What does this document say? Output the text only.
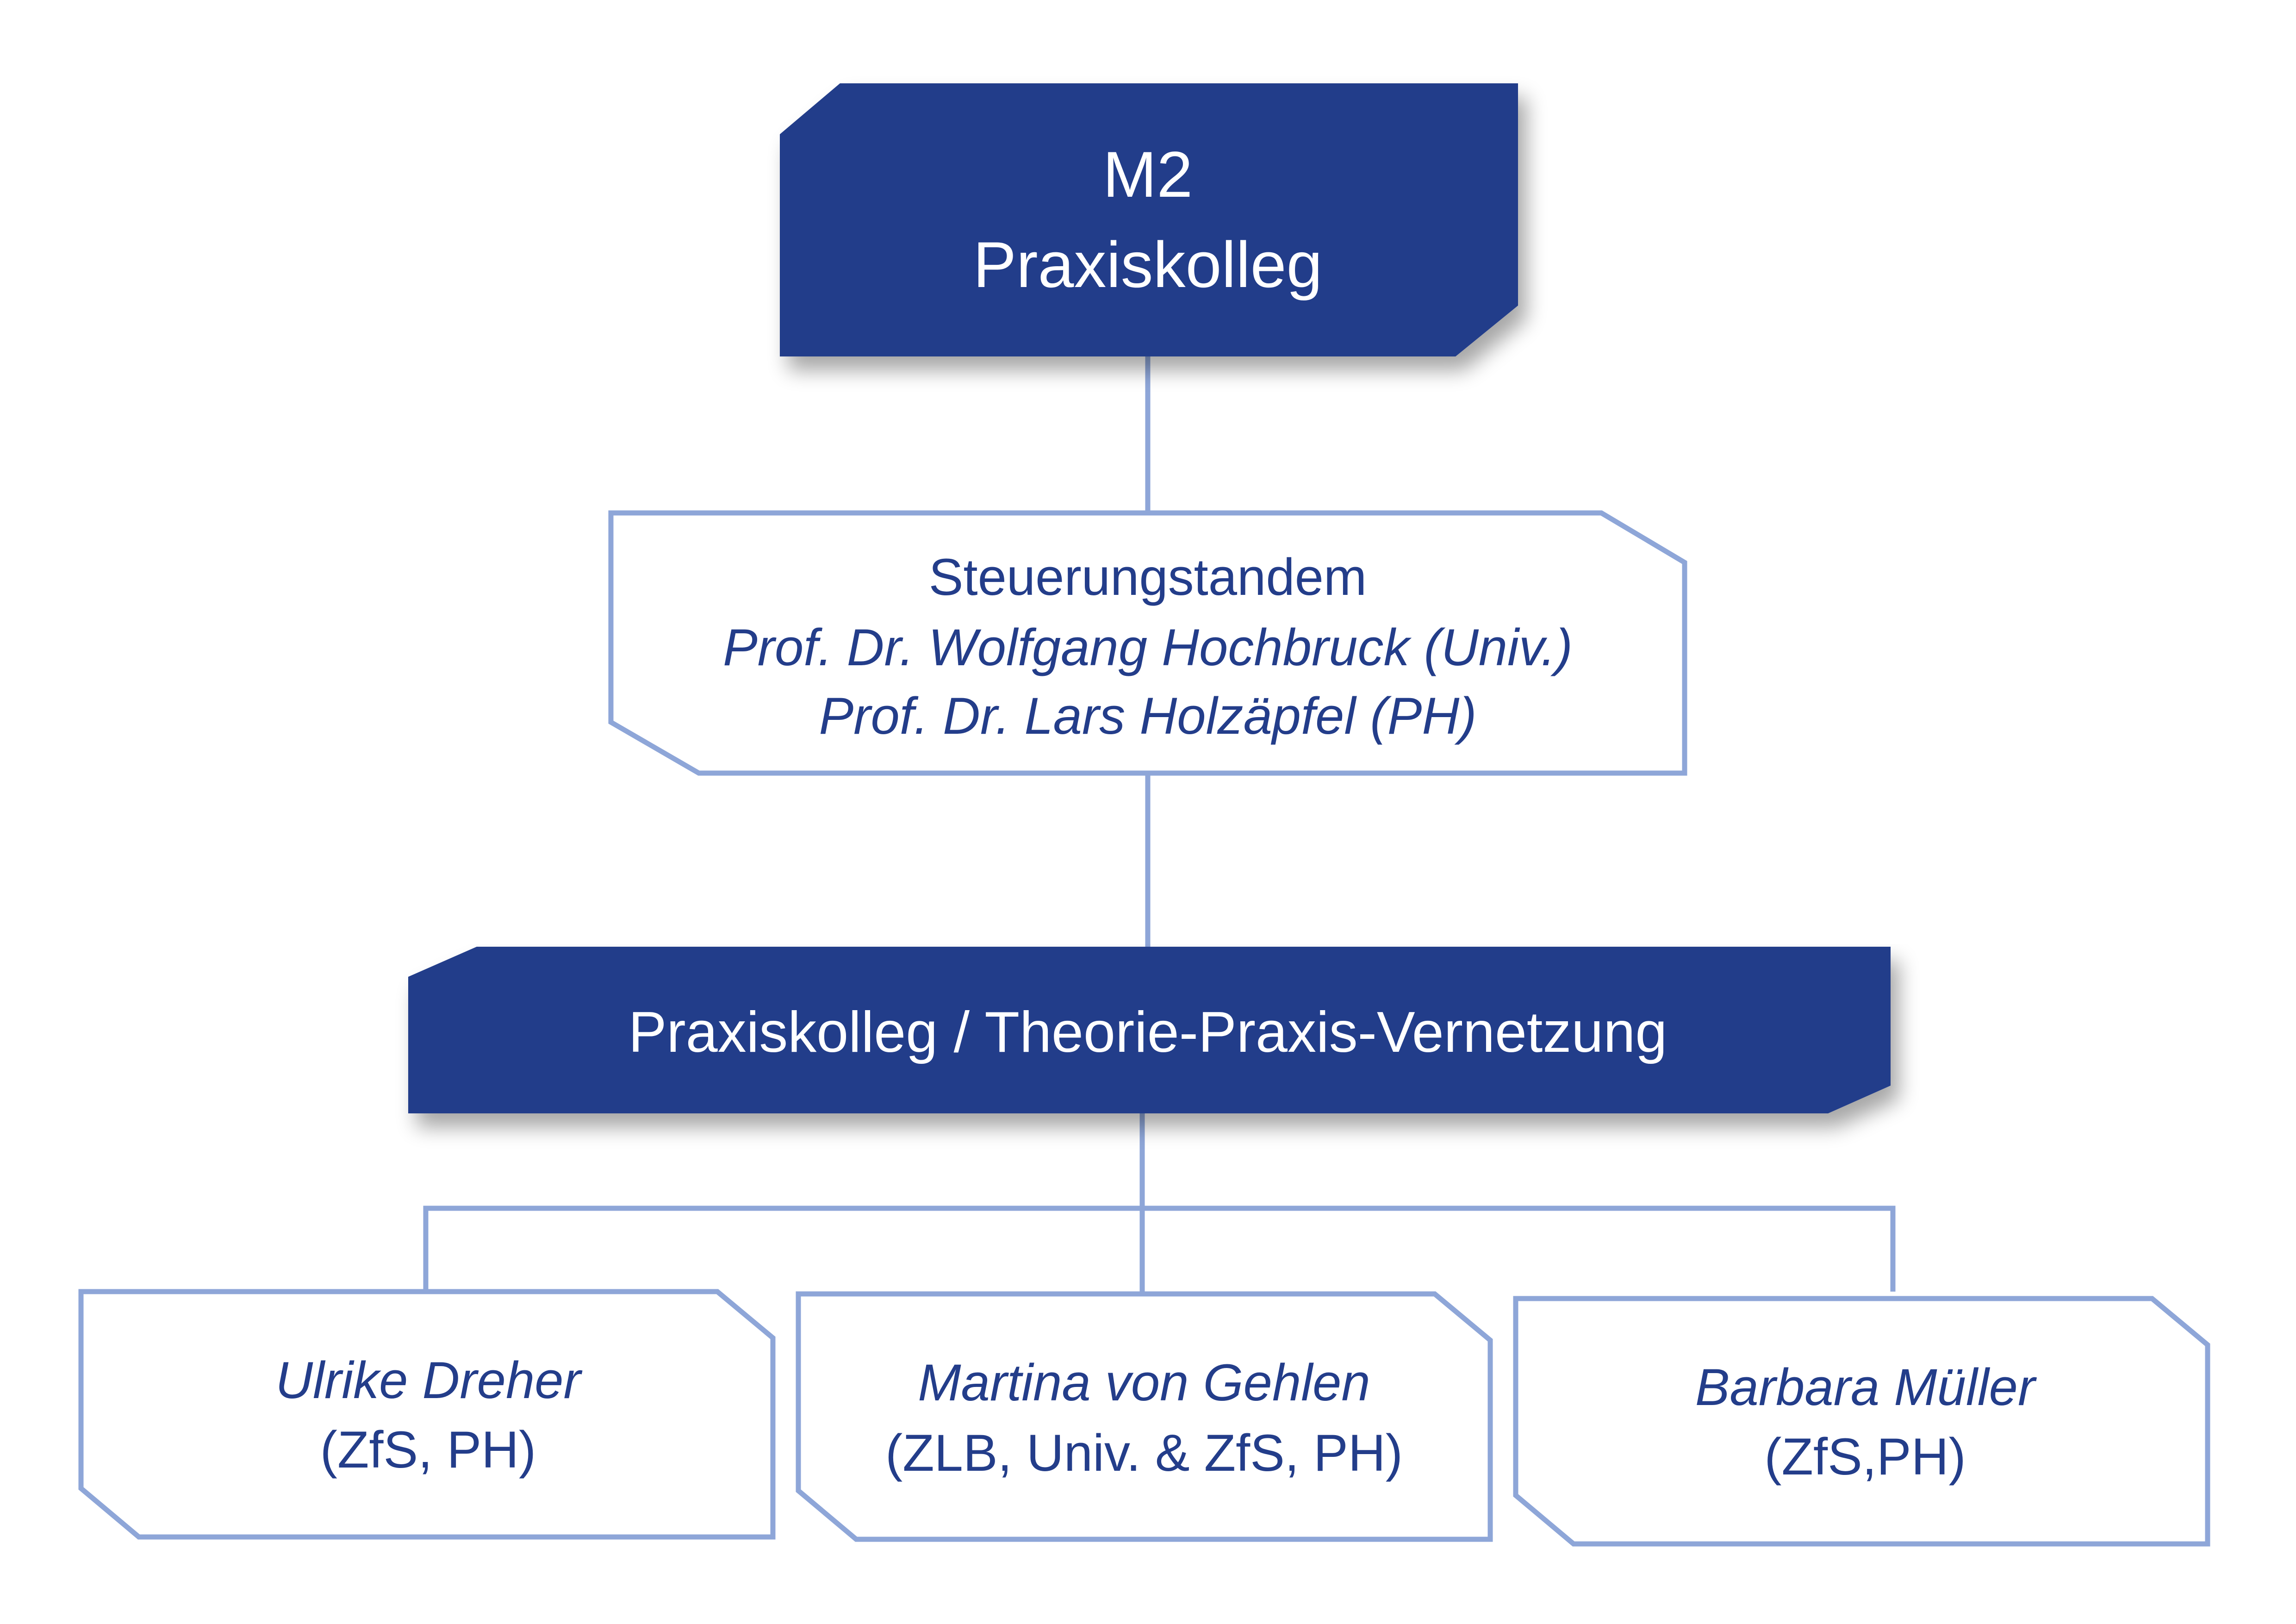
M2
Praxiskolleg
Steuerungstandem
Prof. Dr. Wolfgang Hochbruck (Univ.)
Prof. Dr. Lars Holzäpfel (PH)
Praxiskolleg / Theorie-Praxis-Vernetzung
Ulrike Dreher
(ZfS, PH)
Martina von Gehlen
(ZLB, Univ. & ZfS, PH)
Barbara Müller
(ZfS,PH)
